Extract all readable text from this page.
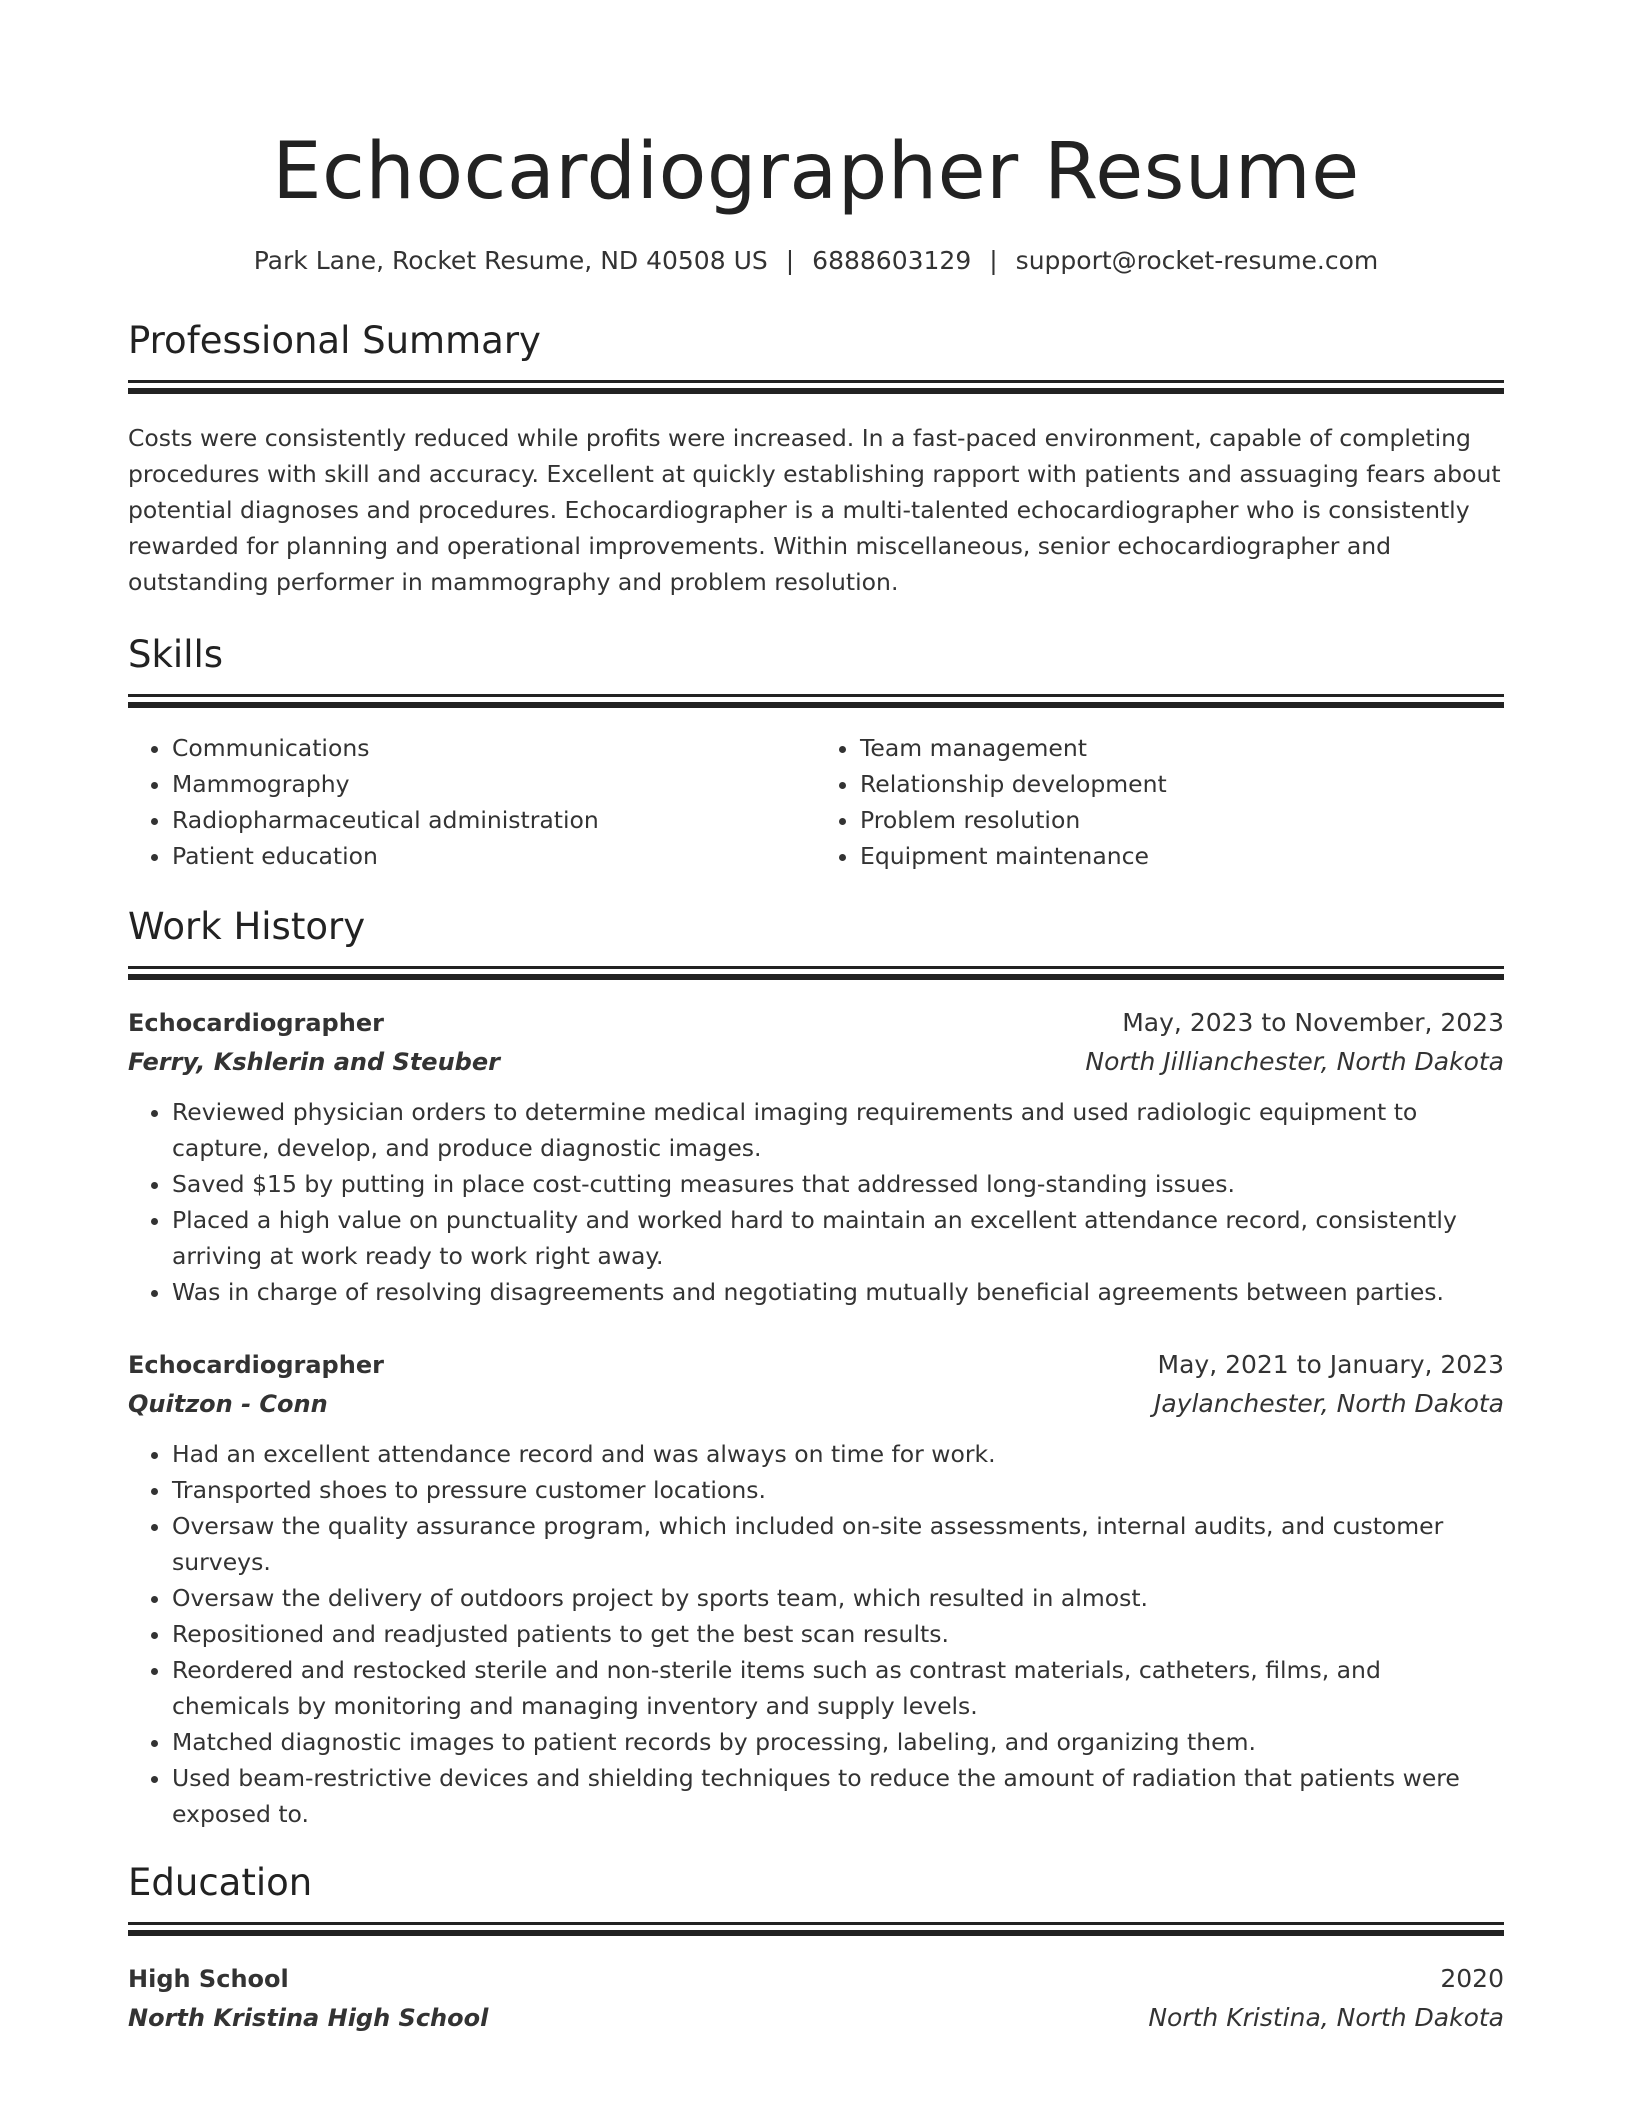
Echocardiographer Resume
Park Lane, Rocket Resume, ND 40508 US | 6888603129 | support@rocket-resume.com
Professional Summary
Costs were consistently reduced while profits were increased. In a fast-paced environment, capable of completing procedures with skill and accuracy. Excellent at quickly establishing rapport with patients and assuaging fears about potential diagnoses and procedures. Echocardiographer is a multi-talented echocardiographer who is consistently rewarded for planning and operational improvements. Within miscellaneous, senior echocardiographer and outstanding performer in mammography and problem resolution.
Skills
• Communications
• Mammography
• Radiopharmaceutical administration
• Patient education
• Team management
• Relationship development
• Problem resolution
• Equipment maintenance
Work History
Echocardiographer	May, 2023 to November, 2023
Ferry, Kshlerin and Steuber	North Jillianchester, North Dakota
• Reviewed physician orders to determine medical imaging requirements and used radiologic equipment to capture, develop, and produce diagnostic images.
• Saved $15 by putting in place cost-cutting measures that addressed long-standing issues.
• Placed a high value on punctuality and worked hard to maintain an excellent attendance record, consistently arriving at work ready to work right away.
• Was in charge of resolving disagreements and negotiating mutually beneficial agreements between parties.
Echocardiographer	May, 2021 to January, 2023
Quitzon - Conn	Jaylanchester, North Dakota
• Had an excellent attendance record and was always on time for work.
• Transported shoes to pressure customer locations.
• Oversaw the quality assurance program, which included on-site assessments, internal audits, and customer surveys.
• Oversaw the delivery of outdoors project by sports team, which resulted in almost.
• Repositioned and readjusted patients to get the best scan results.
• Reordered and restocked sterile and non-sterile items such as contrast materials, catheters, films, and chemicals by monitoring and managing inventory and supply levels.
• Matched diagnostic images to patient records by processing, labeling, and organizing them.
• Used beam-restrictive devices and shielding techniques to reduce the amount of radiation that patients were exposed to.
Education
High School	2020
North Kristina High School	North Kristina, North Dakota
